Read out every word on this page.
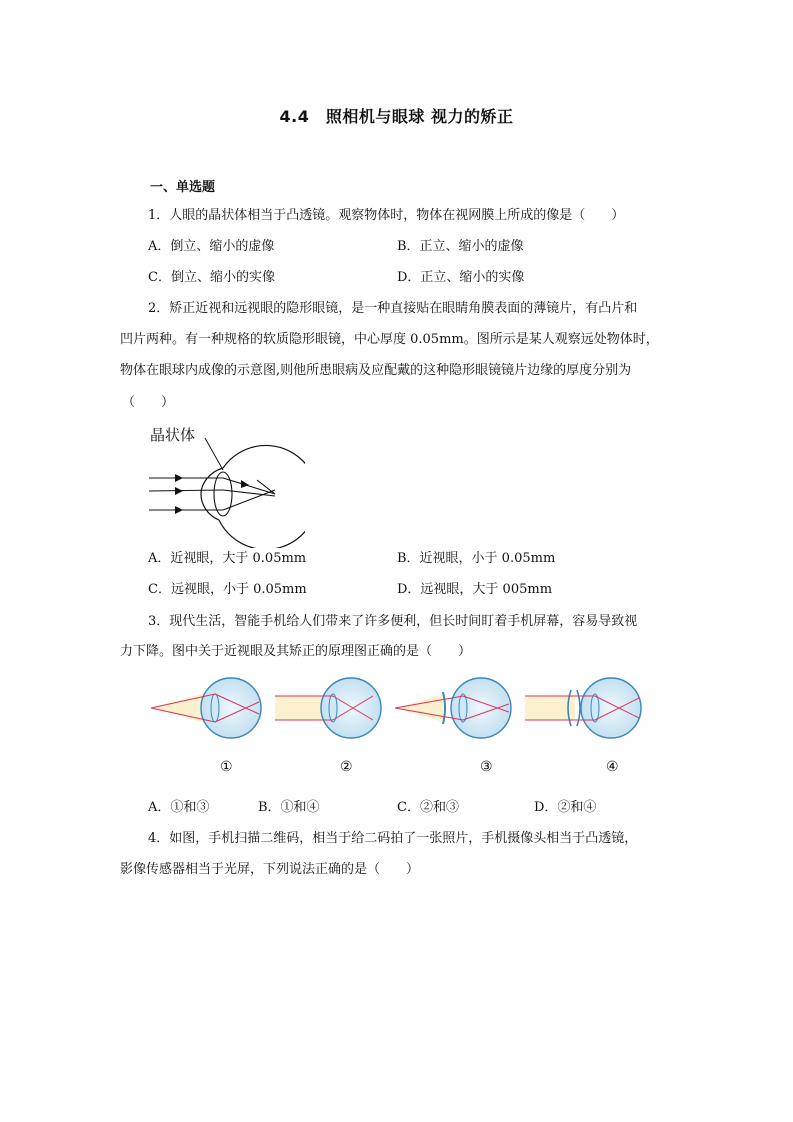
4.4　照相机与眼球 视力的矫正
一、单选题
1．人眼的晶状体相当于凸透镜。观察物体时，物体在视网膜上所成的像是（　　）
A．倒立、缩小的虚像	B．正立、缩小的虚像
C．倒立、缩小的实像	D．正立、缩小的实像
2．矫正近视和远视眼的隐形眼镜，是一种直接贴在眼睛角膜表面的薄镜片，有凸片和
凹片两种。有一种规格的软质隐形眼镜，中心厚度 0.05mm。图所示是某人观察远处物体时，
物体在眼球内成像的示意图,则他所患眼病及应配戴的这种隐形眼镜镜片边缘的厚度分别为
（　　）
晶状体
A．近视眼，大于 0.05mm	B．近视眼，小于 0.05mm
C．远视眼，小于 0.05mm	D．远视眼，大于 005mm
3．现代生活，智能手机给人们带来了许多便利，但长时间盯着手机屏幕，容易导致视
力下降。图中关于近视眼及其矫正的原理图正确的是（　　）
①	②	③	④
A．①和③	B．①和④	C．②和③	D．②和④
4．如图，手机扫描二维码，相当于给二码拍了一张照片，手机摄像头相当于凸透镜，
影像传感器相当于光屏，下列说法正确的是（　　）
